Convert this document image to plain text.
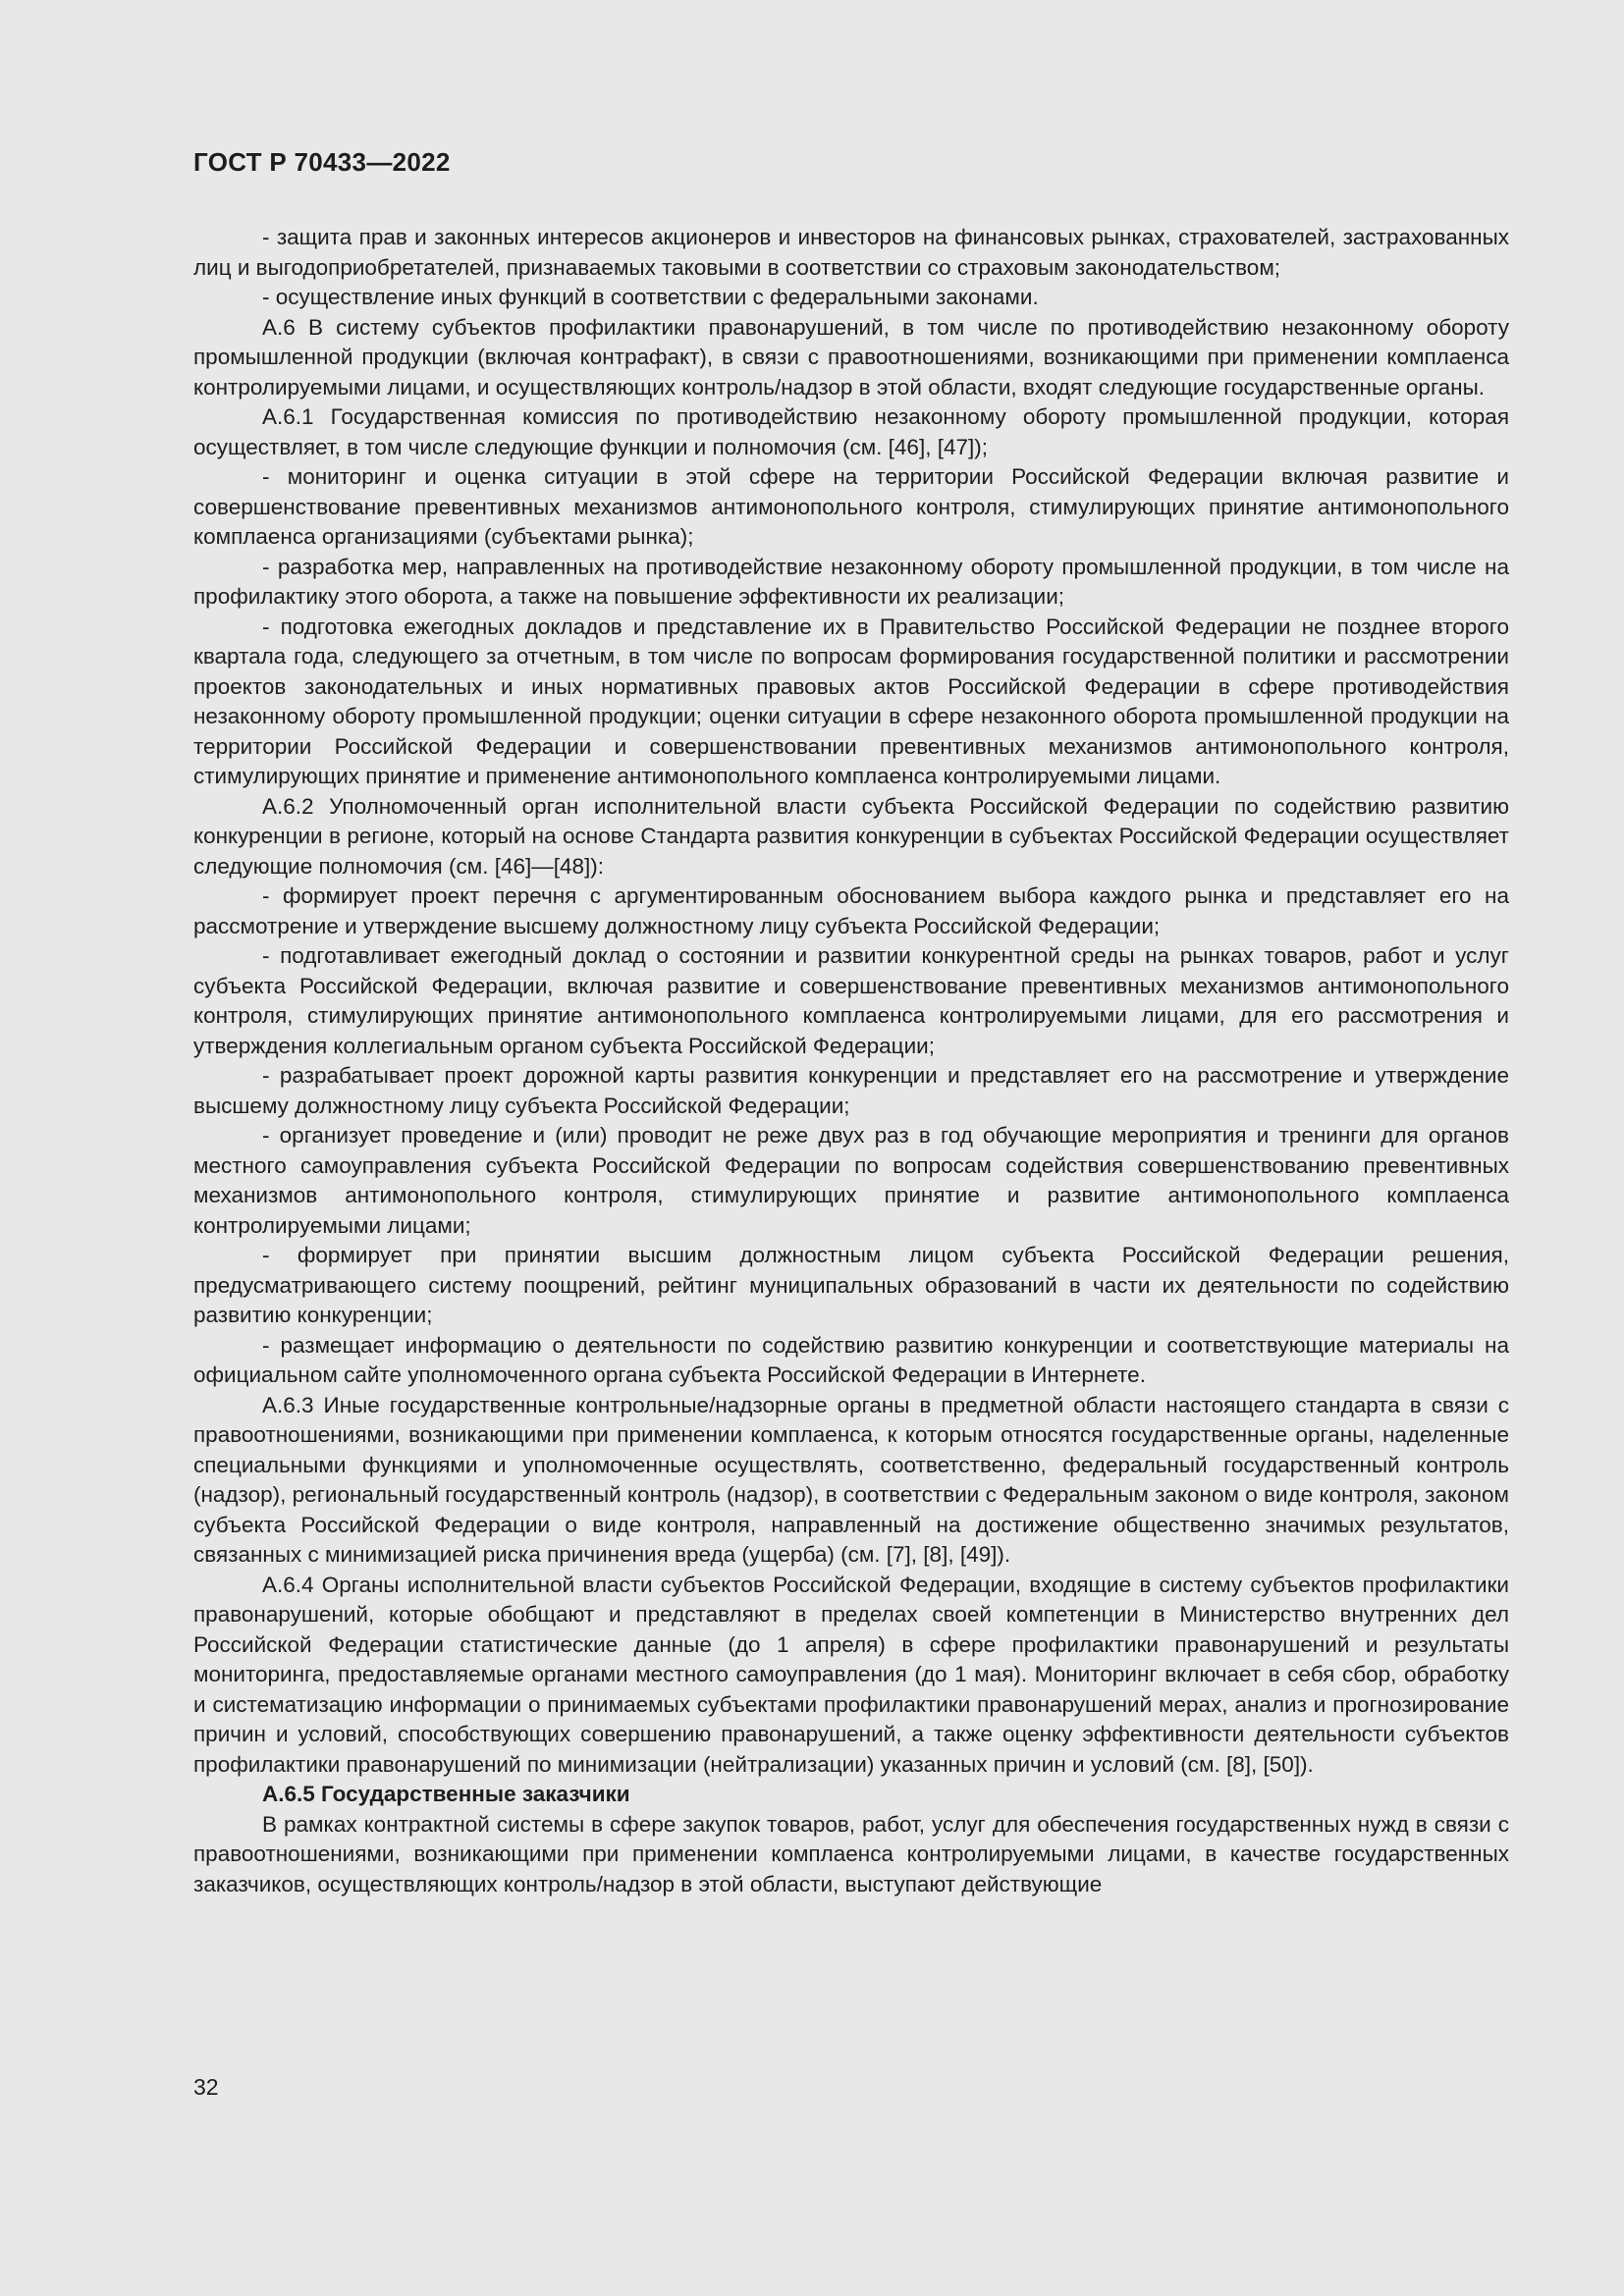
ГОСТ Р 70433—2022

- защита прав и законных интересов акционеров и инвесторов на финансовых рынках, страхователей, застрахованных лиц и выгодоприобретателей, признаваемых таковыми в соответствии со страховым законодательством;

- осуществление иных функций в соответствии с федеральными законами.

А.6 В систему субъектов профилактики правонарушений, в том числе по противодействию незаконному обороту промышленной продукции (включая контрафакт), в связи с правоотношениями, возникающими при применении комплаенса контролируемыми лицами, и осуществляющих контроль/надзор в этой области, входят следующие государственные органы.

А.6.1 Государственная комиссия по противодействию незаконному обороту промышленной продукции, которая осуществляет, в том числе следующие функции и полномочия (см. [46], [47]);

- мониторинг и оценка ситуации в этой сфере на территории Российской Федерации включая развитие и совершенствование превентивных механизмов антимонопольного контроля, стимулирующих принятие антимонопольного комплаенса организациями (субъектами рынка);

- разработка мер, направленных на противодействие незаконному обороту промышленной продукции, в том числе на профилактику этого оборота, а также на повышение эффективности их реализации;

- подготовка ежегодных докладов и представление их в Правительство Российской Федерации не позднее второго квартала года, следующего за отчетным, в том числе по вопросам формирования государственной политики и рассмотрении проектов законодательных и иных нормативных правовых актов Российской Федерации в сфере противодействия незаконному обороту промышленной продукции; оценки ситуации в сфере незаконного оборота промышленной продукции на территории Российской Федерации и совершенствовании превентивных механизмов антимонопольного контроля, стимулирующих принятие и применение антимонопольного комплаенса контролируемыми лицами.

А.6.2 Уполномоченный орган исполнительной власти субъекта Российской Федерации по содействию развитию конкуренции в регионе, который на основе Стандарта развития конкуренции в субъектах Российской Федерации осуществляет следующие полномочия (см. [46]—[48]):

- формирует проект перечня с аргументированным обоснованием выбора каждого рынка и представляет его на рассмотрение и утверждение высшему должностному лицу субъекта Российской Федерации;

- подготавливает ежегодный доклад о состоянии и развитии конкурентной среды на рынках товаров, работ и услуг субъекта Российской Федерации, включая развитие и совершенствование превентивных механизмов антимонопольного контроля, стимулирующих принятие антимонопольного комплаенса контролируемыми лицами, для его рассмотрения и утверждения коллегиальным органом субъекта Российской Федерации;

- разрабатывает проект дорожной карты развития конкуренции и представляет его на рассмотрение и утверждение высшему должностному лицу субъекта Российской Федерации;

- организует проведение и (или) проводит не реже двух раз в год обучающие мероприятия и тренинги для органов местного самоуправления субъекта Российской Федерации по вопросам содействия совершенствованию превентивных механизмов антимонопольного контроля, стимулирующих принятие и развитие антимонопольного комплаенса контролируемыми лицами;

- формирует при принятии высшим должностным лицом субъекта Российской Федерации решения, предусматривающего систему поощрений, рейтинг муниципальных образований в части их деятельности по содействию развитию конкуренции;

- размещает информацию о деятельности по содействию развитию конкуренции и соответствующие материалы на официальном сайте уполномоченного органа субъекта Российской Федерации в Интернете.

А.6.3 Иные государственные контрольные/надзорные органы в предметной области настоящего стандарта в связи с правоотношениями, возникающими при применении комплаенса, к которым относятся государственные органы, наделенные специальными функциями и уполномоченные осуществлять, соответственно, федеральный государственный контроль (надзор), региональный государственный контроль (надзор), в соответствии с Федеральным законом о виде контроля, законом субъекта Российской Федерации о виде контроля, направленный на достижение общественно значимых результатов, связанных с минимизацией риска причинения вреда (ущерба) (см. [7], [8], [49]).

А.6.4 Органы исполнительной власти субъектов Российской Федерации, входящие в систему субъектов профилактики правонарушений, которые обобщают и представляют в пределах своей компетенции в Министерство внутренних дел Российской Федерации статистические данные (до 1 апреля) в сфере профилактики правонарушений и результаты мониторинга, предоставляемые органами местного самоуправления (до 1 мая). Мониторинг включает в себя сбор, обработку и систематизацию информации о принимаемых субъектами профилактики правонарушений мерах, анализ и прогнозирование причин и условий, способствующих совершению правонарушений, а также оценку эффективности деятельности субъектов профилактики правонарушений по минимизации (нейтрализации) указанных причин и условий (см. [8], [50]).

А.6.5 Государственные заказчики

В рамках контрактной системы в сфере закупок товаров, работ, услуг для обеспечения государственных нужд в связи с правоотношениями, возникающими при применении комплаенса контролируемыми лицами, в качестве государственных заказчиков, осуществляющих контроль/надзор в этой области, выступают действующие

32
